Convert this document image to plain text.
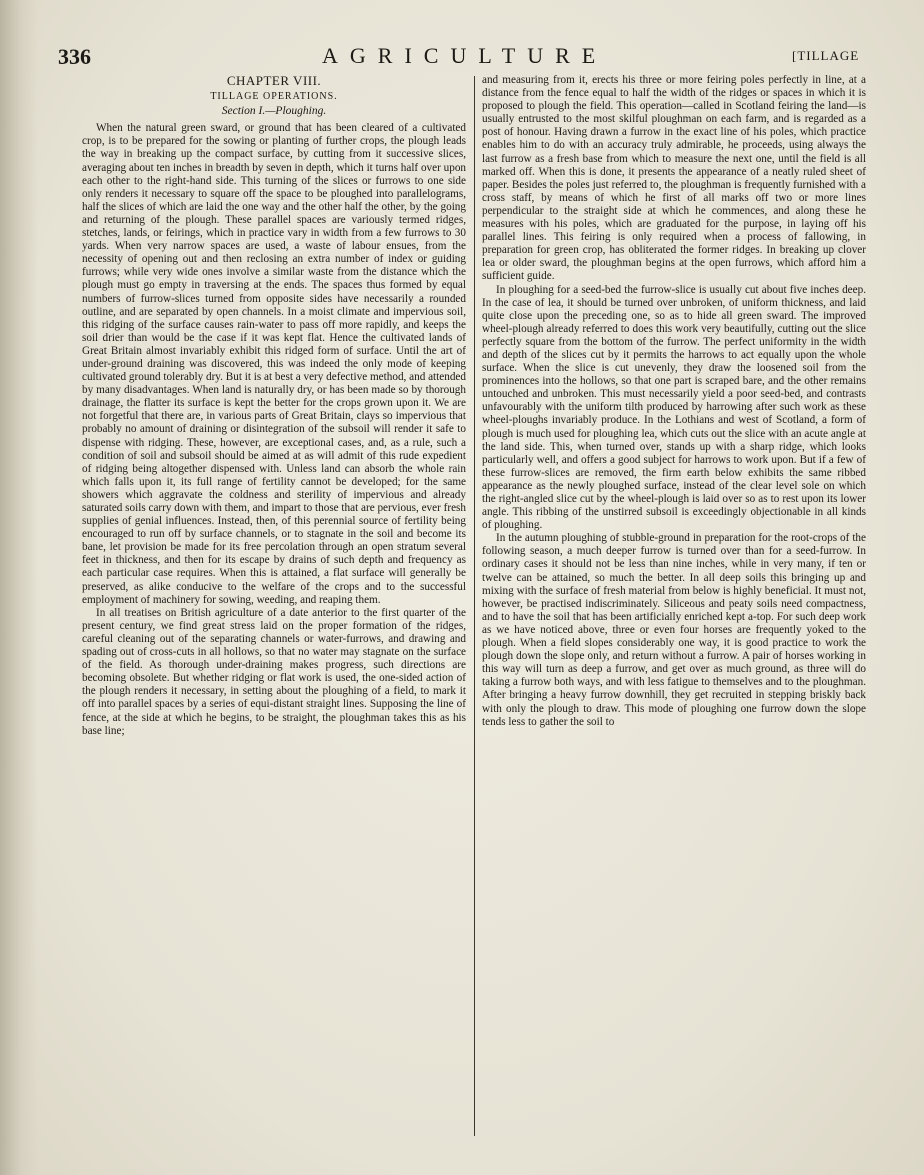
336	AGRICULTURE	[TILLAGE

CHAPTER VIII.

TILLAGE OPERATIONS.

Section I.—Ploughing.

When the natural green sward, or ground that has been cleared of a cultivated crop, is to be prepared for the sowing or planting of further crops, the plough leads the way in breaking up the compact surface, by cutting from it successive slices, averaging about ten inches in breadth by seven in depth, which it turns half over upon each other to the right-hand side. This turning of the slices or furrows to one side only renders it necessary to square off the space to be ploughed into parallelograms, half the slices of which are laid the one way and the other half the other, by the going and returning of the plough. These parallel spaces are variously termed ridges, stetches, lands, or feirings, which in practice vary in width from a few furrows to 30 yards. When very narrow spaces are used, a waste of labour ensues, from the necessity of opening out and then reclosing an extra number of index or guiding furrows; while very wide ones involve a similar waste from the distance which the plough must go empty in traversing at the ends. The spaces thus formed by equal numbers of furrow-slices turned from opposite sides have necessarily a rounded outline, and are separated by open channels. In a moist climate and impervious soil, this ridging of the surface causes rain-water to pass off more rapidly, and keeps the soil drier than would be the case if it was kept flat. Hence the cultivated lands of Great Britain almost invariably exhibit this ridged form of surface. Until the art of under-ground draining was discovered, this was indeed the only mode of keeping cultivated ground tolerably dry. But it is at best a very defective method, and attended by many disadvantages. When land is naturally dry, or has been made so by thorough drainage, the flatter its surface is kept the better for the crops grown upon it. We are not forgetful that there are, in various parts of Great Britain, clays so impervious that probably no amount of draining or disintegration of the subsoil will render it safe to dispense with ridging. These, however, are exceptional cases, and, as a rule, such a condition of soil and subsoil should be aimed at as will admit of this rude expedient of ridging being altogether dispensed with. Unless land can absorb the whole rain which falls upon it, its full range of fertility cannot be developed; for the same showers which aggravate the coldness and sterility of impervious and already saturated soils carry down with them, and impart to those that are pervious, ever fresh supplies of genial influences. Instead, then, of this perennial source of fertility being encouraged to run off by surface channels, or to stagnate in the soil and become its bane, let provision be made for its free percolation through an open stratum several feet in thickness, and then for its escape by drains of such depth and frequency as each particular case requires. When this is attained, a flat surface will generally be preserved, as alike conducive to the welfare of the crops and to the successful employment of machinery for sowing, weeding, and reaping them.

In all treatises on British agriculture of a date anterior to the first quarter of the present century, we find great stress laid on the proper formation of the ridges, careful cleaning out of the separating channels or water-furrows, and drawing and spading out of cross-cuts in all hollows, so that no water may stagnate on the surface of the field. As thorough under-draining makes progress, such directions are becoming obsolete. But whether ridging or flat work is used, the one-sided action of the plough renders it necessary, in setting about the ploughing of a field, to mark it off into parallel spaces by a series of equi-distant straight lines. Supposing the line of fence, at the side at which he begins, to be straight, the ploughman takes this as his base line;

and measuring from it, erects his three or more feiring poles perfectly in line, at a distance from the fence equal to half the width of the ridges or spaces in which it is proposed to plough the field. This operation—called in Scotland feiring the land—is usually entrusted to the most skilful ploughman on each farm, and is regarded as a post of honour. Having drawn a furrow in the exact line of his poles, which practice enables him to do with an accuracy truly admirable, he proceeds, using always the last furrow as a fresh base from which to measure the next one, until the field is all marked off. When this is done, it presents the appearance of a neatly ruled sheet of paper. Besides the poles just referred to, the ploughman is frequently furnished with a cross staff, by means of which he first of all marks off two or more lines perpendicular to the straight side at which he commences, and along these he measures with his poles, which are graduated for the purpose, in laying off his parallel lines. This feiring is only required when a process of fallowing, in preparation for green crop, has obliterated the former ridges. In breaking up clover lea or older sward, the ploughman begins at the open furrows, which afford him a sufficient guide.

In ploughing for a seed-bed the furrow-slice is usually cut about five inches deep. In the case of lea, it should be turned over unbroken, of uniform thickness, and laid quite close upon the preceding one, so as to hide all green sward. The improved wheel-plough already referred to does this work very beautifully, cutting out the slice perfectly square from the bottom of the furrow. The perfect uniformity in the width and depth of the slices cut by it permits the harrows to act equally upon the whole surface. When the slice is cut unevenly, they draw the loosened soil from the prominences into the hollows, so that one part is scraped bare, and the other remains untouched and unbroken. This must necessarily yield a poor seed-bed, and contrasts unfavourably with the uniform tilth produced by harrowing after such work as these wheel-ploughs invariably produce. In the Lothians and west of Scotland, a form of plough is much used for ploughing lea, which cuts out the slice with an acute angle at the land side. This, when turned over, stands up with a sharp ridge, which looks particularly well, and offers a good subject for harrows to work upon. But if a few of these furrow-slices are removed, the firm earth below exhibits the same ribbed appearance as the newly ploughed surface, instead of the clear level sole on which the right-angled slice cut by the wheel-plough is laid over so as to rest upon its lower angle. This ribbing of the unstirred subsoil is exceedingly objectionable in all kinds of ploughing.

In the autumn ploughing of stubble-ground in preparation for the root-crops of the following season, a much deeper furrow is turned over than for a seed-furrow. In ordinary cases it should not be less than nine inches, while in very many, if ten or twelve can be attained, so much the better. In all deep soils this bringing up and mixing with the surface of fresh material from below is highly beneficial. It must not, however, be practised indiscriminately. Siliceous and peaty soils need compactness, and to have the soil that has been artificially enriched kept a-top. For such deep work as we have noticed above, three or even four horses are frequently yoked to the plough. When a field slopes considerably one way, it is good practice to work the plough down the slope only, and return without a furrow. A pair of horses working in this way will turn as deep a furrow, and get over as much ground, as three will do taking a furrow both ways, and with less fatigue to themselves and to the ploughman. After bringing a heavy furrow downhill, they get recruited in stepping briskly back with only the plough to draw. This mode of ploughing one furrow down the slope tends less to gather the soil to
